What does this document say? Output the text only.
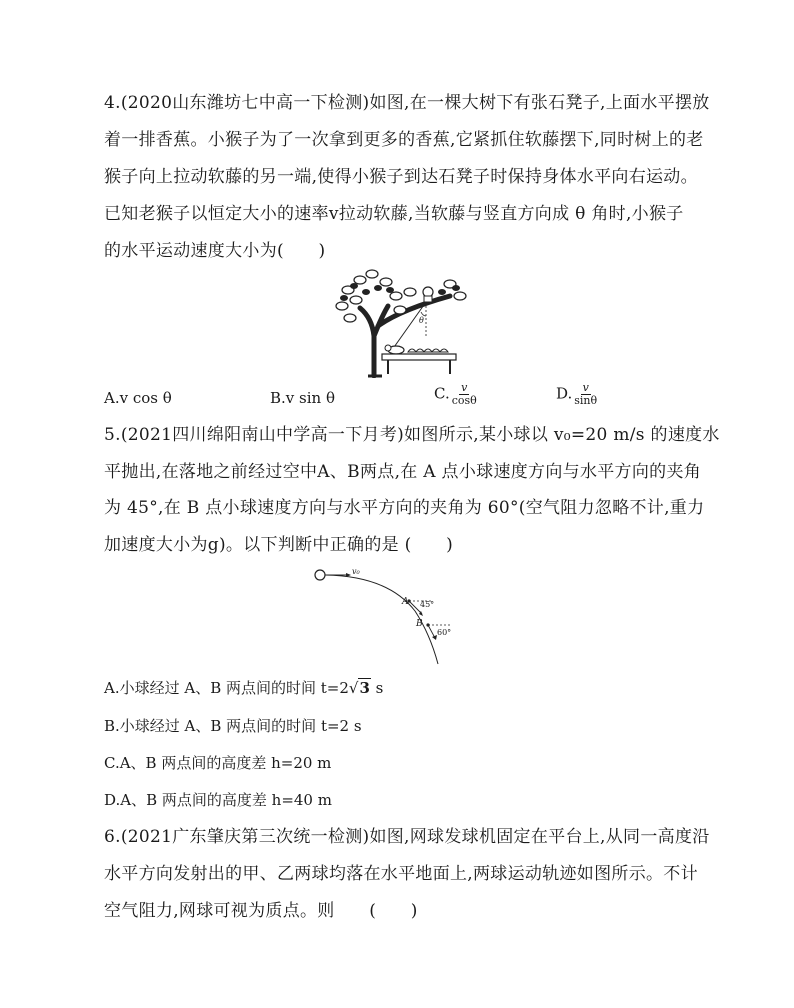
4.(2020山东潍坊七中高一下检测)如图,在一棵大树下有张石凳子,上面水平摆放
着一排香蕉。小猴子为了一次拿到更多的香蕉,它紧抓住软藤摆下,同时树上的老
猴子向上拉动软藤的另一端,使得小猴子到达石凳子时保持身体水平向右运动。
已知老猴子以恒定大小的速率v拉动软藤,当软藤与竖直方向成 θ 角时,小猴子
的水平运动速度大小为(　　)
θ
A.v cos θ	B.v sin θ	C. $\frac{v}{\cos\theta}$	D. $\frac{v}{\sin\theta}$
5.(2021四川绵阳南山中学高一下月考)如图所示,某小球以 v₀=20 m/s 的速度水
平抛出,在落地之前经过空中A、B两点,在 A 点小球速度方向与水平方向的夹角
为 45°,在 B 点小球速度方向与水平方向的夹角为 60°(空气阻力忽略不计,重力
加速度大小为g)。以下判断中正确的是 (　　)
v₀
A 45°
B
60°
A.小球经过 A、B 两点间的时间 t=2√3 s
B.小球经过 A、B 两点间的时间 t=2 s
C.A、B 两点间的高度差 h=20 m
D.A、B 两点间的高度差 h=40 m
6.(2021广东肇庆第三次统一检测)如图,网球发球机固定在平台上,从同一高度沿
水平方向发射出的甲、乙两球均落在水平地面上,两球运动轨迹如图所示。不计
空气阻力,网球可视为质点。则　　(　　)
